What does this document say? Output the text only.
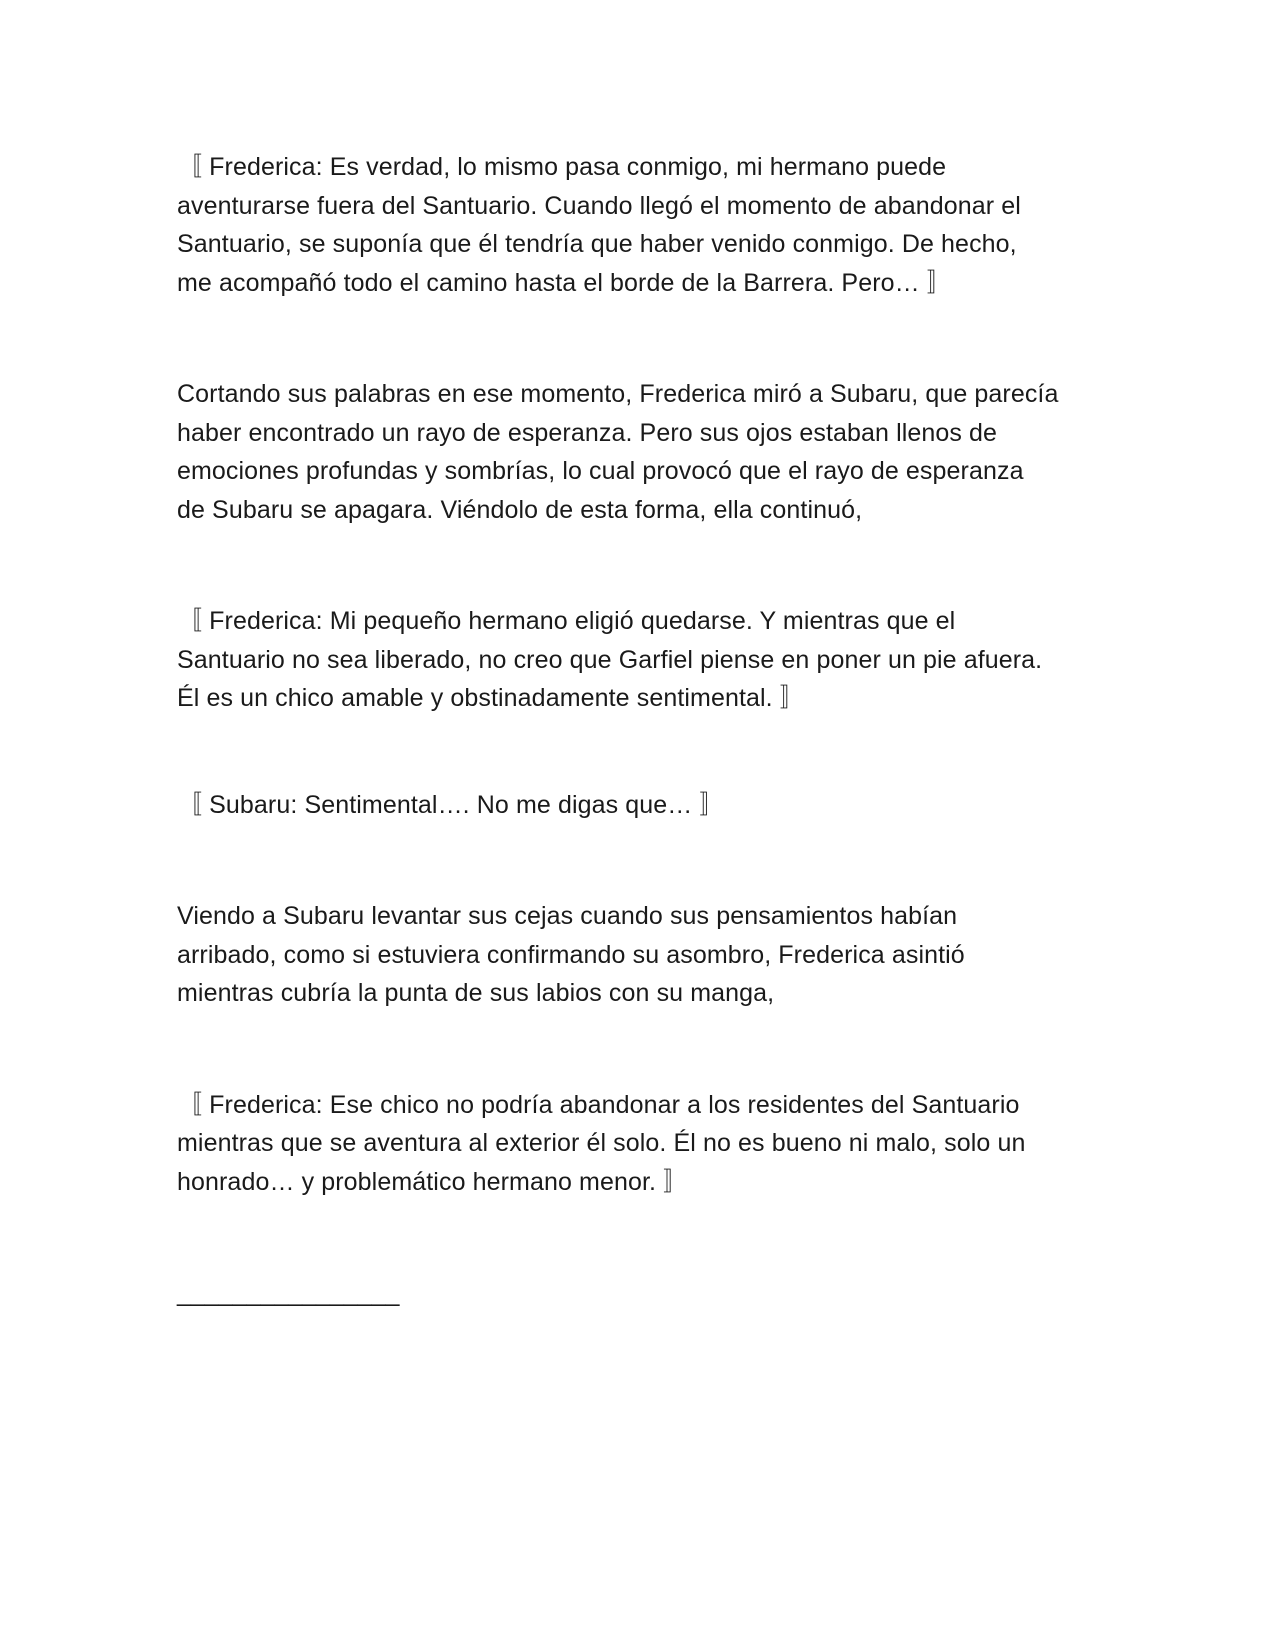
〚 Frederica: Es verdad, lo mismo pasa conmigo, mi hermano puede
aventurarse fuera del Santuario. Cuando llegó el momento de abandonar el
Santuario, se suponía que él tendría que haber venido conmigo. De hecho,
me acompañó todo el camino hasta el borde de la Barrera. Pero… 〛

Cortando sus palabras en ese momento, Frederica miró a Subaru, que parecía
haber encontrado un rayo de esperanza. Pero sus ojos estaban llenos de
emociones profundas y sombrías, lo cual provocó que el rayo de esperanza
de Subaru se apagara. Viéndolo de esta forma, ella continuó,

〚 Frederica: Mi pequeño hermano eligió quedarse. Y mientras que el
Santuario no sea liberado, no creo que Garfiel piense en poner un pie afuera.
Él es un chico amable y obstinadamente sentimental. 〛

〚 Subaru: Sentimental…. No me digas que… 〛

Viendo a Subaru levantar sus cejas cuando sus pensamientos habían
arribado, como si estuviera confirmando su asombro, Frederica asintió
mientras cubría la punta de sus labios con su manga,

〚 Frederica: Ese chico no podría abandonar a los residentes del Santuario
mientras que se aventura al exterior él solo. Él no es bueno ni malo, solo un
honrado… y problemático hermano menor. 〛

________________
